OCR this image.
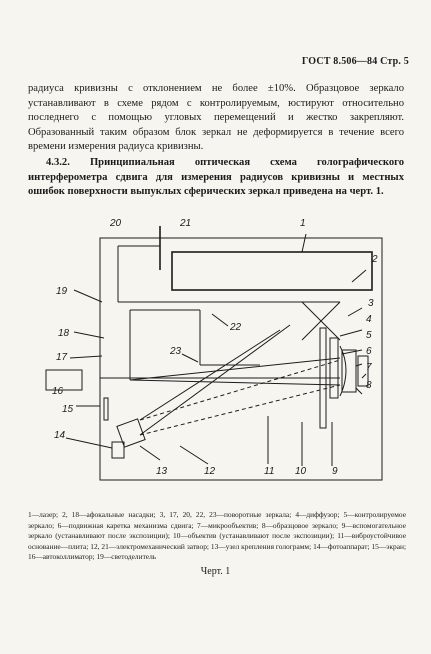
ГОСТ 8.506—84 Стр. 5
радиуса кривизны с отклонением не более ±10%. Образцовое зеркало устанавливают в схеме рядом с контролируемым, юстируют относительно последнего с помощью угловых перемещений и жестко закрепляют. Образованный таким образом блок зеркал не деформируется в течение всего времени измерения радиуса кривизны.
4.3.2. Принципиальная оптическая схема голографического интерферометра сдвига для измерения радиусов кривизны и местных ошибок поверхности выпуклых сферических зеркал приведена на черт. 1.
1
2
3
4
5
6
7
8
9
10
11
12
13
14
15
16
17
18
19
20	21
22
23
1—лазер; 2, 18—афокальные насадки; 3, 17, 20, 22, 23—поворотные зеркала; 4—диффузор; 5—контролируемое зеркало; 6—подвижная каретка механизма сдвига; 7—микрообъектив; 8—образцовое зеркало; 9—вспомогательное зеркало (устанавливают после экспозиции); 10—объектив (устанавливают после экспозиции); 11—виброустойчивое основание—плита; 12, 21—электромеханический затвор; 13—узел крепления голограмм; 14—фотоаппарат; 15—экран; 16—автоколлиматор; 19—светоделитель
Черт. 1
